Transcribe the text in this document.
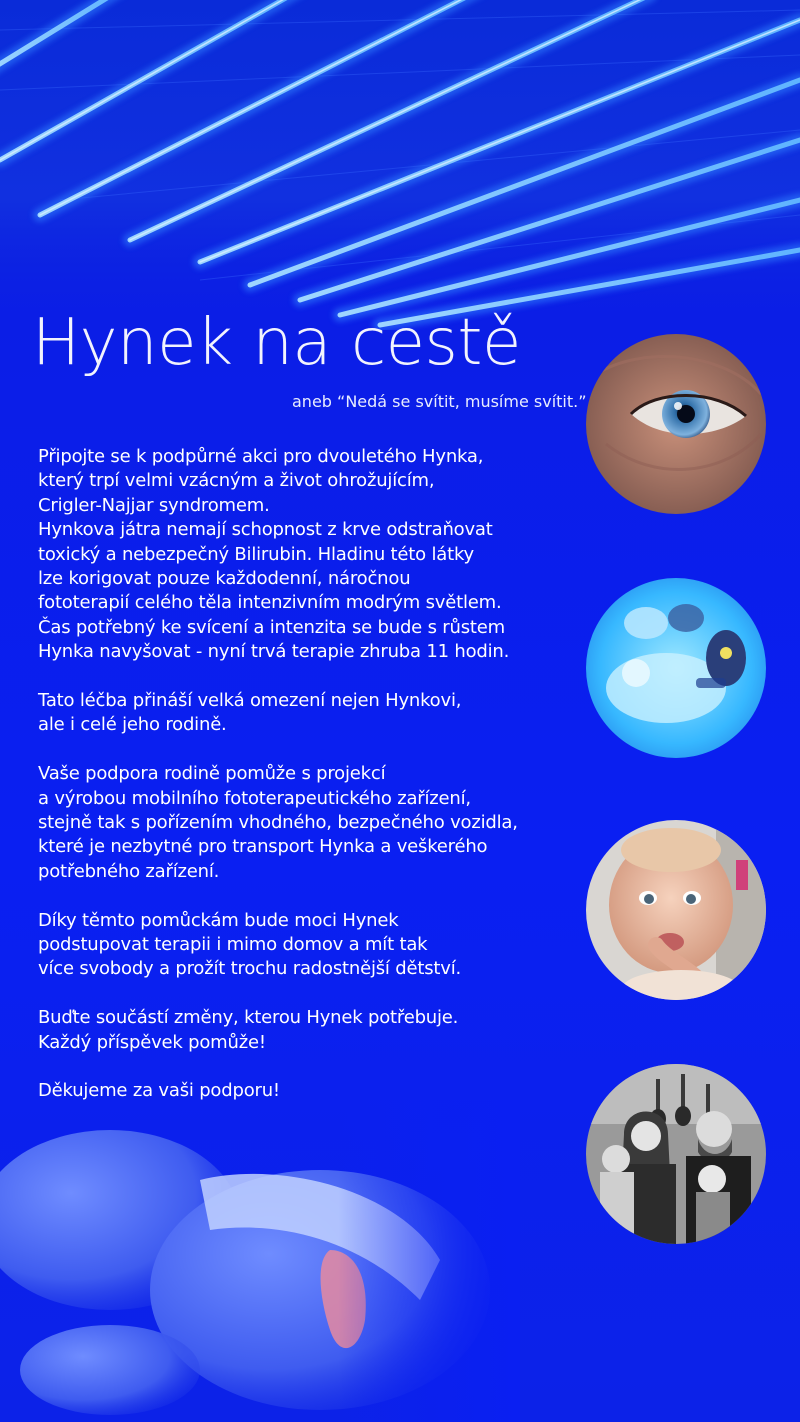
Hynek na cestě

aneb “Nedá se svítit, musíme svítit.”

Připojte se k podpůrné akci pro dvouletého Hynka,
který trpí velmi vzácným a život ohrožujícím,
Crigler-Najjar syndromem.
Hynkova játra nemají schopnost z krve odstraňovat
toxický a nebezpečný Bilirubin. Hladinu této látky
lze korigovat pouze každodenní, náročnou
fototerapií celého těla intenzivním modrým světlem.
Čas potřebný ke svícení a intenzita se bude s růstem
Hynka navyšovat - nyní trvá terapie zhruba 11 hodin.

Tato léčba přináší velká omezení nejen Hynkovi,
ale i celé jeho rodině.

Vaše podpora rodině pomůže s projekcí
a výrobou mobilního fototerapeutického zařízení,
stejně tak s pořízením vhodného, bezpečného vozidla,
které je nezbytné pro transport Hynka a veškerého
potřebného zařízení.

Díky těmto pomůckám bude moci Hynek
podstupovat terapii i mimo domov a mít tak
více svobody a prožít trochu radostnější dětství.

Buďte součástí změny, kterou Hynek potřebuje.
Každý příspěvek pomůže!

Děkujeme za vaši podporu!
